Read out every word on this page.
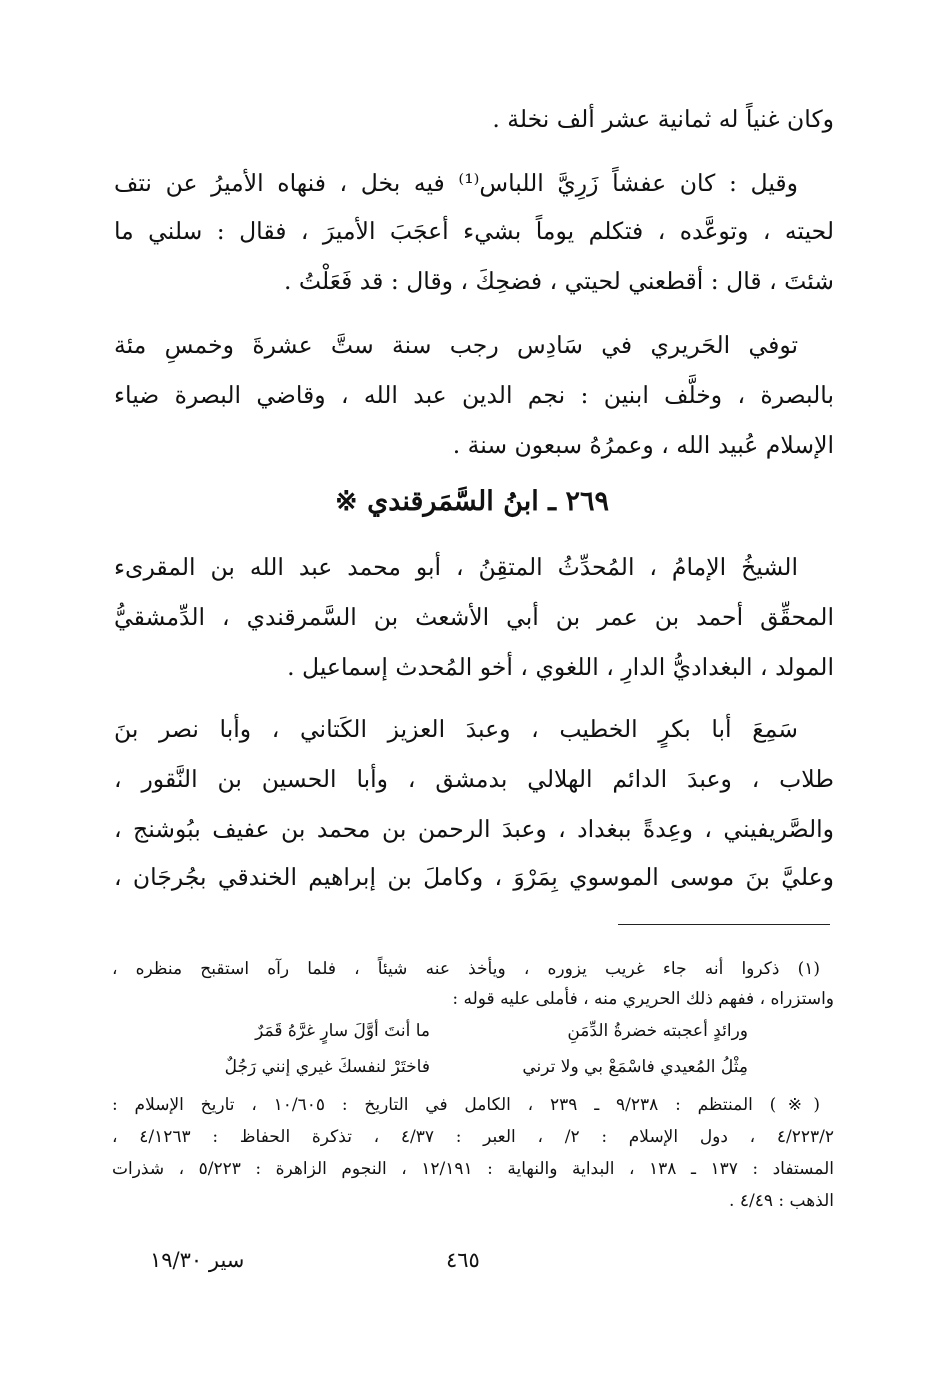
وكان غنياً له ثمانية عشر ألف نخلة .
وقيل : كان عفشاً زَرِيَّ اللباس⁽¹⁾ فيه بخل ، فنهاه الأميرُ عن نتف
لحيته ، وتوعَّده ، فتكلم يوماً بشيء أعجَبَ الأميرَ ، فقال : سلني ما
شئتَ ، قال : أقطعني لحيتي ، فضحِكَ ، وقال : قد فَعَلْتُ .
توفي الحَريري في سَادِس رجب سنة ستَّ عشرةَ وخمسِ مئة
بالبصرة ، وخلَّف ابنين : نجم الدين عبد الله ، وقاضي البصرة ضياء
الإسلام عُبيد الله ، وعمرُهُ سبعون سنة .
٢٦٩ ـ ابنُ السَّمَرقندي ※
الشيخُ الإمامُ ، المُحدِّثُ المتقِنُ ، أبو محمد عبد الله بن المقرىء
المحقِّق أحمد بن عمر بن أبي الأشعث بن السَّمرقندي ، الدِّمشقيُّ
المولد ، البغداديُّ الدارِ ، اللغوي ، أخو المُحدث إسماعيل .
سَمِعَ أبا بكرٍ الخطيب ، وعبدَ العزيز الكَتاني ، وأبا نصر بنَ
طلاب ، وعبدَ الدائم الهلالي بدمشق ، وأبا الحسين بن النَّقور ،
والصَّريفيني ، وعِدةً ببغداد ، وعبدَ الرحمن بن محمد بن عفيف ببُوشنج ،
وعليَّ بنَ موسى الموسوي بِمَرْوَ ، وكاملَ بن إبراهيم الخندقي بجُرجَان ،
(١) ذكروا أنه جاء غريب يزوره ، ويأخذ عنه شيئاً ، فلما رآه استقبح منظره ،
واستزراه ، ففهم ذلك الحريري منه ، فأملى عليه قوله :
ما أنتَ أوَّلَ سارٍ غرَّهُ قَمَرٌ	ورائدٍ أعجبته خضرةُ الدِّمَنِ
فاختَرْ لنفسكَ غيري إنني رَجُلٌ	مِثْلُ المُعيدي فاسْمَعْ بي ولا ترني
(※) المنتظم : ٩/٢٣٨ ـ ٢٣٩ ، الكامل في التاريخ : ١٠/٦٠٥ ، تاريخ الإسلام :
٤/٢٢٣/٢ ، دول الإسلام : ٢/ ، العبر : ٤/٣٧ ، تذكرة الحفاظ : ٤/١٢٦٣ ،
المستفاد : ١٣٧ ـ ١٣٨ ، البداية والنهاية : ١٢/١٩١ ، النجوم الزاهرة : ٥/٢٢٣ ، شذرات
الذهب : ٤/٤٩ .
٤٦٥
سير ١٩/٣٠
